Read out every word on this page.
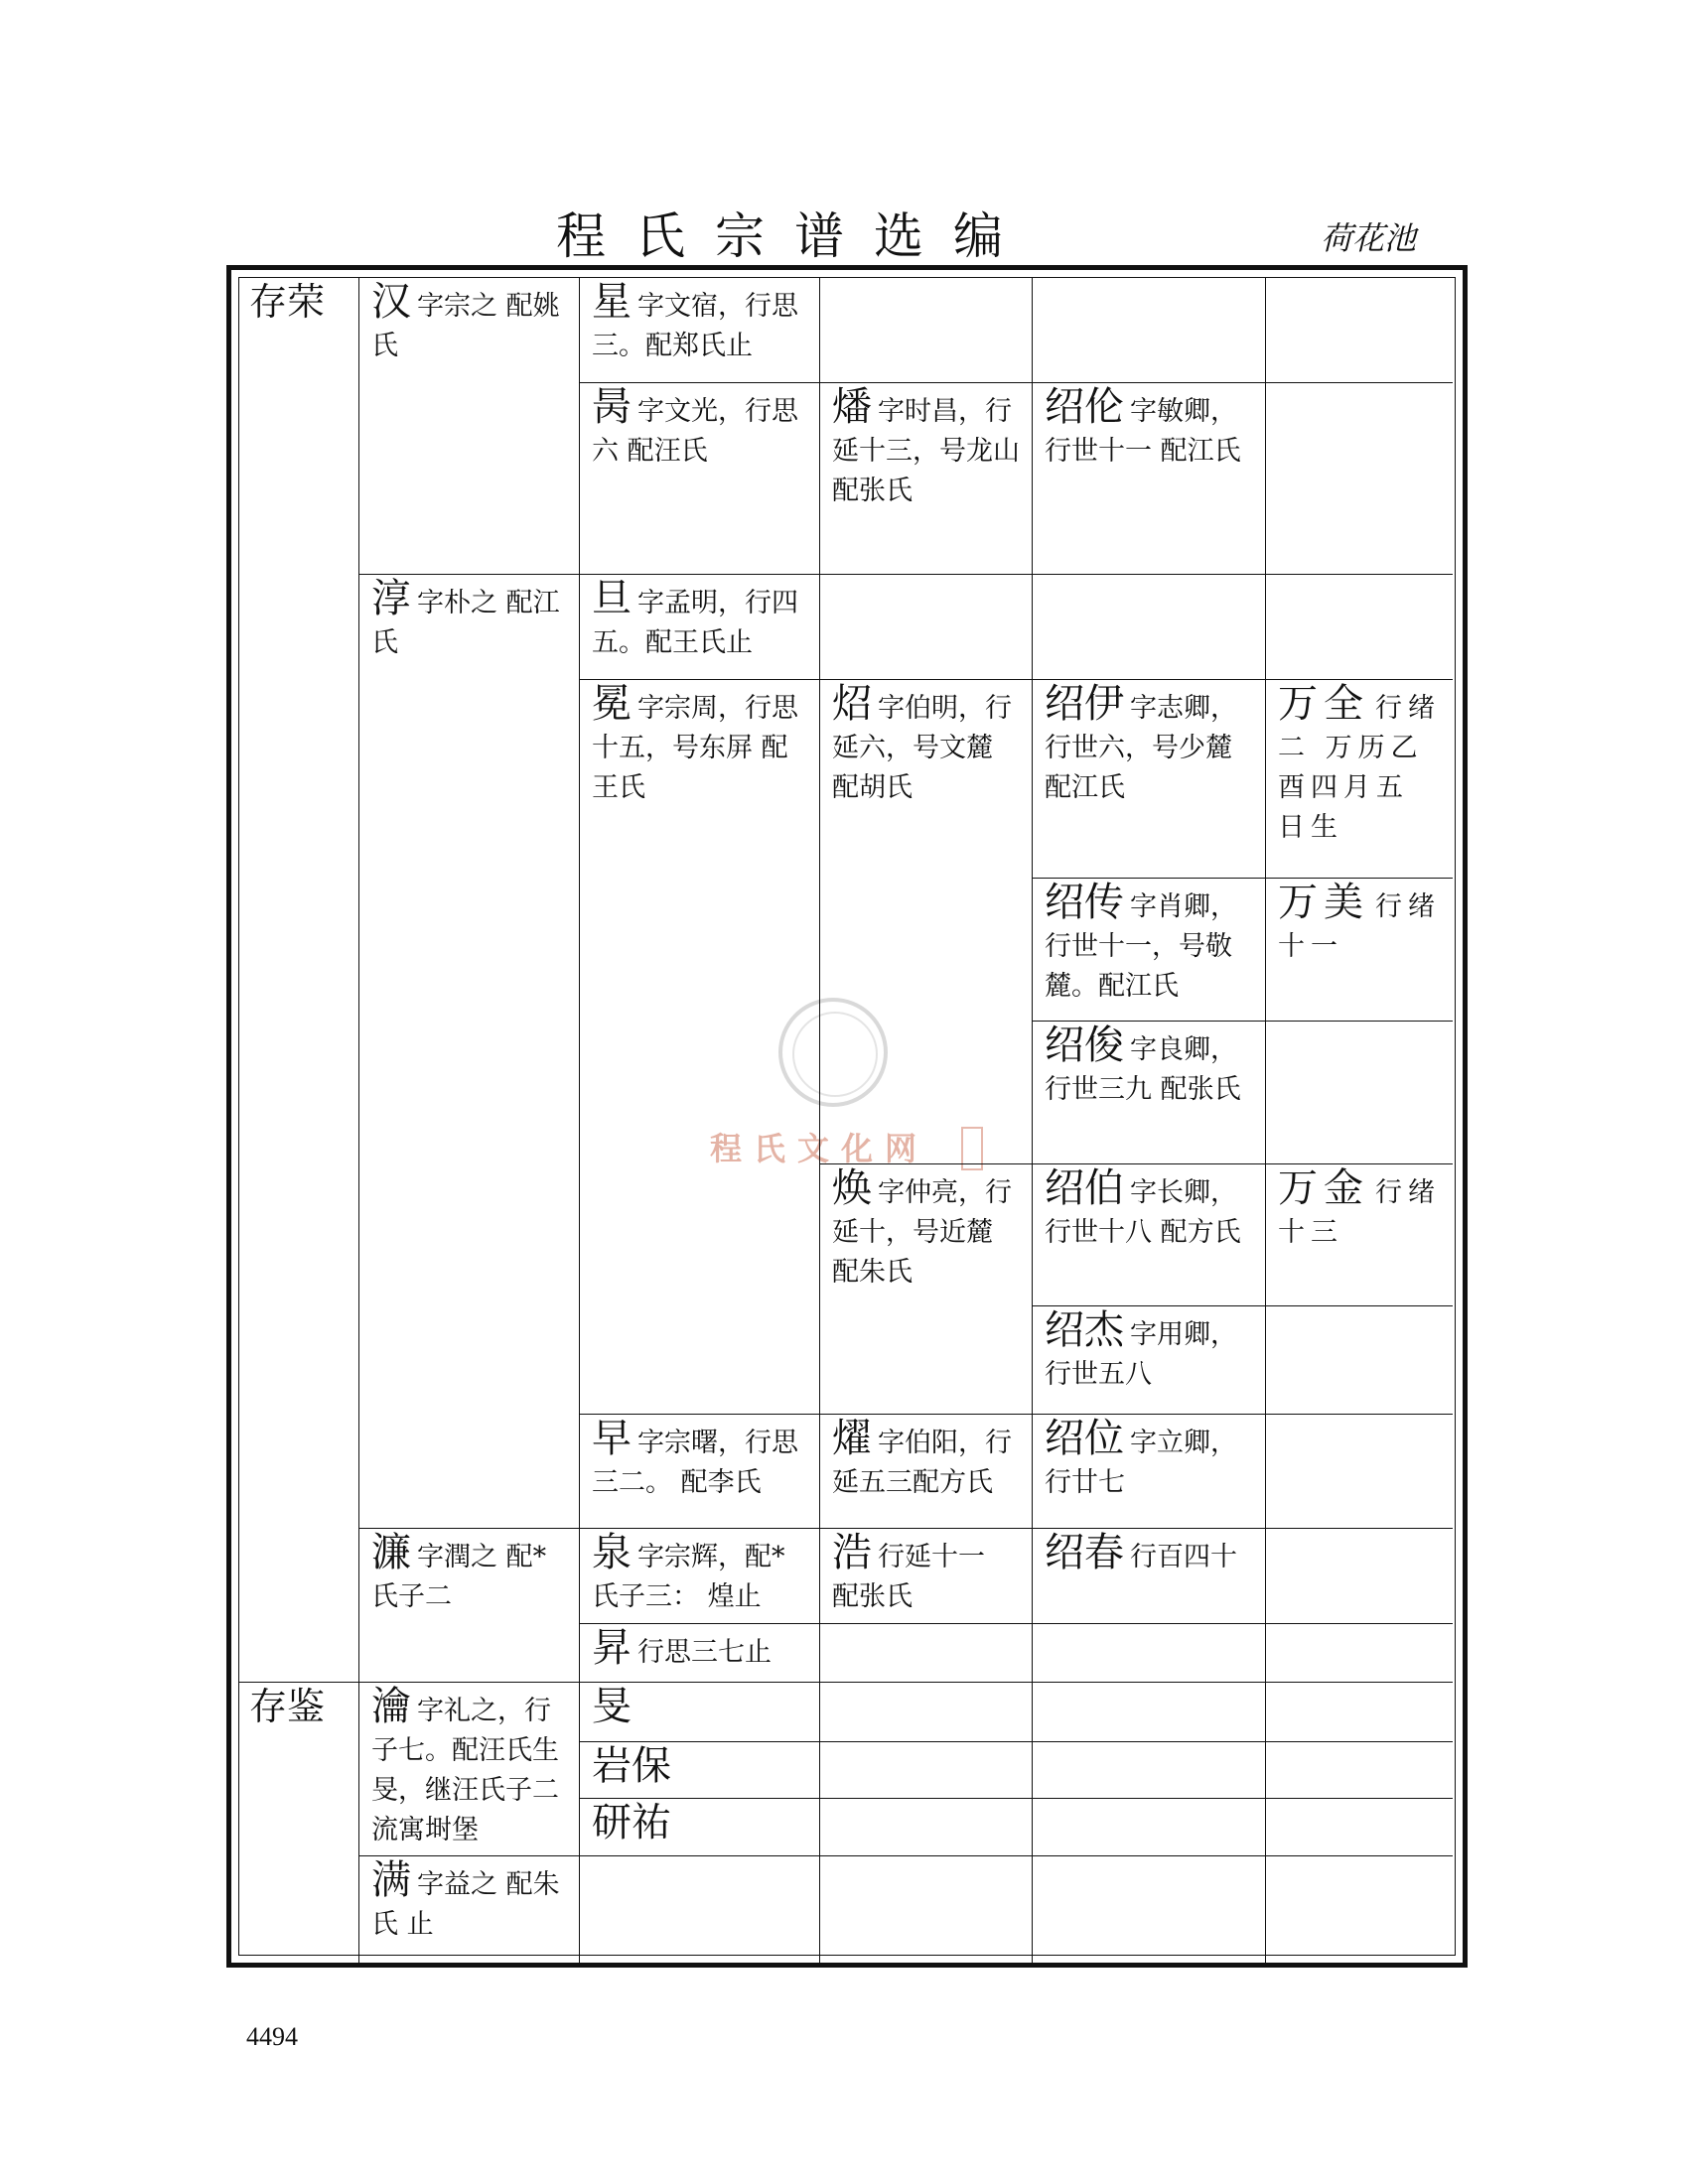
程氏宗谱选编	荷花池
程氏文化网
存荣
存鉴
汉 字宗之 配姚氏
淳 字朴之 配江氏
濂 字潤之 配*氏子二
瀹 字礼之，行子七。配汪氏生旻，继汪氏子二 流寓埘堡
满 字益之 配朱氏 止
星 字文宿，行思三。配郑氏止
昺 字文光，行思六 配汪氏
旦 字孟明，行四五。配王氏止
冕 字宗周，行思十五，号东屏 配王氏
早 字宗曙，行思三二。 配李氏
泉 字宗辉，配*氏子三： 煌止
昇 行思三七止
旻
岩保
研祐
燔 字时昌，行延十三，号龙山 配张氏
炤 字伯明，行延六，号文麓 配胡氏
焕 字仲亮，行延十，号近麓 配朱氏
燿 字伯阳，行延五三配方氏
浩 行延十一 配张氏
绍伦 字敏卿，行世十一 配江氏
绍伊 字志卿，行世六，号少麓 配江氏
绍传 字肖卿，行世十一，号敬麓。配江氏
绍俊 字良卿，行世三九 配张氏
绍伯 字长卿，行世十八 配方氏
绍杰 字用卿，行世五八
绍位 字立卿，行廿七
绍春 行百四十
万全 行绪二 万历乙酉四月五日生
万美 行绪十一
万金 行绪十三
4494
